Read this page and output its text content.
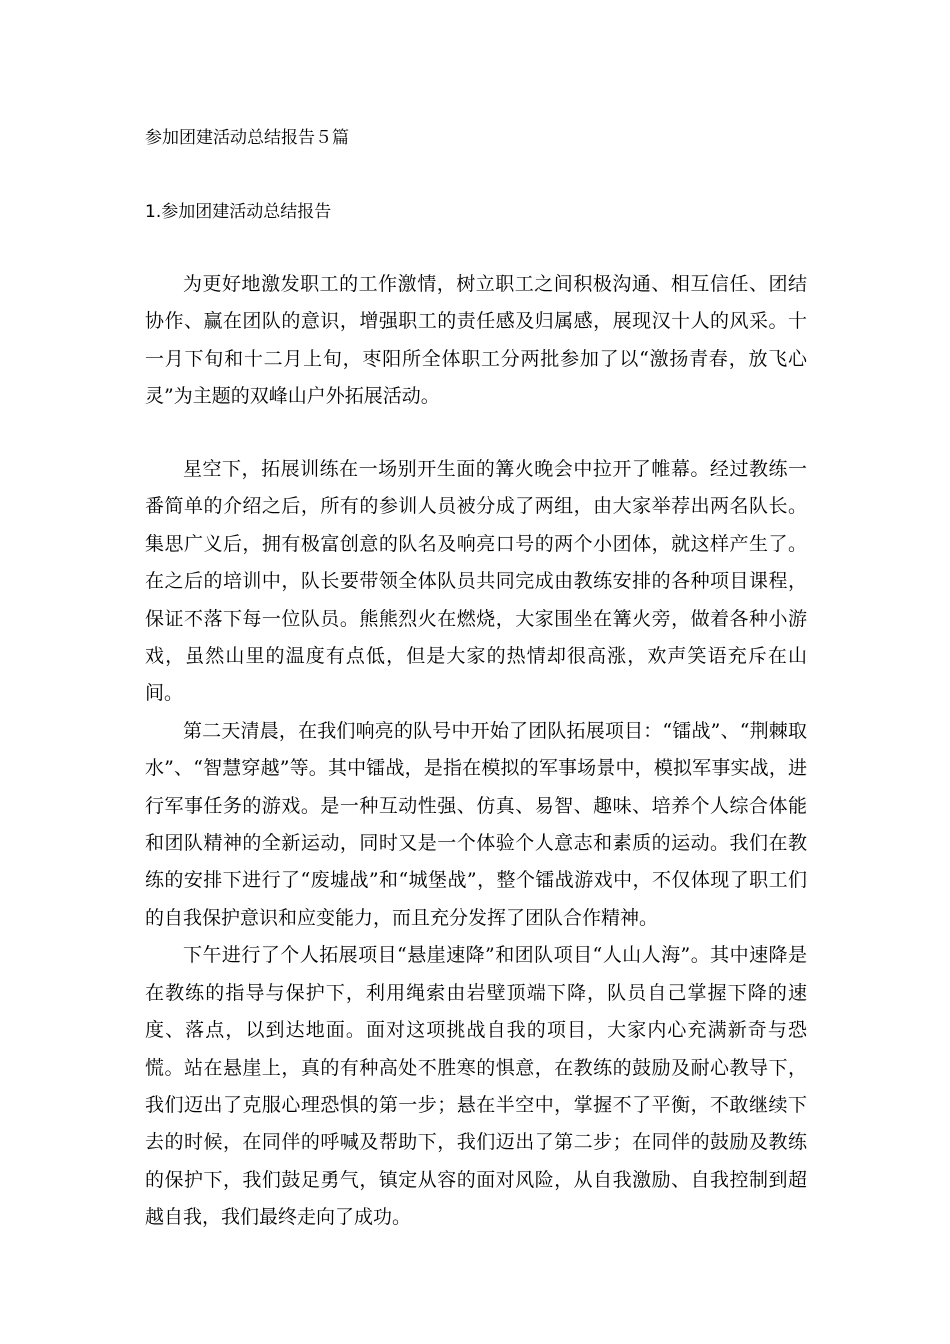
参加团建活动总结报告５篇
1.参加团建活动总结报告

为更好地激发职工的工作激情，树立职工之间积极沟通、相互信任、团结协作、赢在团队的意识，增强职工的责任感及归属感，展现汉十人的风采。十一月下旬和十二月上旬，枣阳所全体职工分两批参加了以“激扬青春，放飞心灵”为主题的双峰山户外拓展活动。

星空下，拓展训练在一场别开生面的篝火晚会中拉开了帷幕。经过教练一番简单的介绍之后，所有的参训人员被分成了两组，由大家举荐出两名队长。集思广义后，拥有极富创意的队名及响亮口号的两个小团体，就这样产生了。在之后的培训中，队长要带领全体队员共同完成由教练安排的各种项目课程，保证不落下每一位队员。熊熊烈火在燃烧，大家围坐在篝火旁，做着各种小游戏，虽然山里的温度有点低，但是大家的热情却很高涨，欢声笑语充斥在山间。

第二天清晨，在我们响亮的队号中开始了团队拓展项目：“镭战”、“荆棘取水”、“智慧穿越”等。其中镭战，是指在模拟的军事场景中，模拟军事实战，进行军事任务的游戏。是一种互动性强、仿真、易智、趣味、培养个人综合体能和团队精神的全新运动，同时又是一个体验个人意志和素质的运动。我们在教练的安排下进行了“废墟战”和“城堡战”，整个镭战游戏中，不仅体现了职工们的自我保护意识和应变能力，而且充分发挥了团队合作精神。

下午进行了个人拓展项目“悬崖速降”和团队项目“人山人海”。其中速降是在教练的指导与保护下，利用绳索由岩壁顶端下降，队员自己掌握下降的速度、落点，以到达地面。面对这项挑战自我的项目，大家内心充满新奇与恐慌。站在悬崖上，真的有种高处不胜寒的惧意，在教练的鼓励及耐心教导下，我们迈出了克服心理恐惧的第一步；悬在半空中，掌握不了平衡，不敢继续下去的时候，在同伴的呼喊及帮助下，我们迈出了第二步；在同伴的鼓励及教练的保护下，我们鼓足勇气，镇定从容的面对风险，从自我激励、自我控制到超越自我，我们最终走向了成功。
